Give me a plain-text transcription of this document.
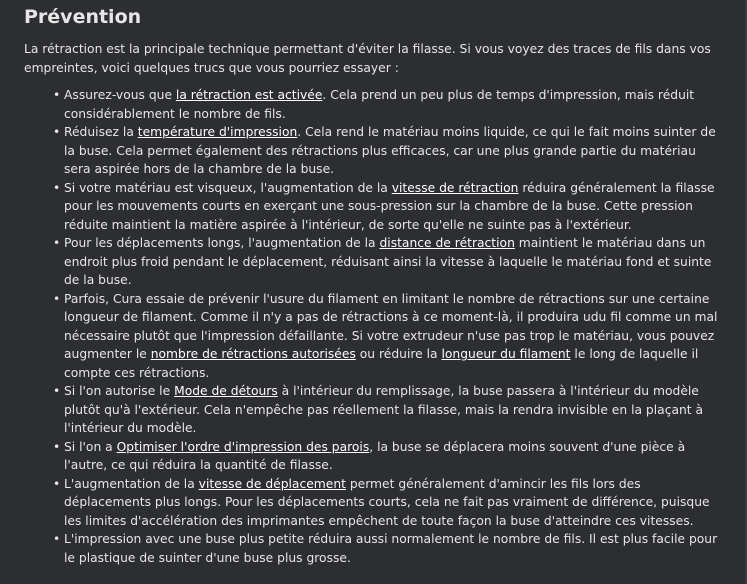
Prévention

La rétraction est la principale technique permettant d'éviter la filasse. Si vous voyez des traces de fils dans vos empreintes, voici quelques trucs que vous pourriez essayer :

• Assurez-vous que la rétraction est activée. Cela prend un peu plus de temps d'impression, mais réduit considérablement le nombre de fils.
• Réduisez la température d'impression. Cela rend le matériau moins liquide, ce qui le fait moins suinter de la buse. Cela permet également des rétractions plus efficaces, car une plus grande partie du matériau sera aspirée hors de la chambre de la buse.
• Si votre matériau est visqueux, l'augmentation de la vitesse de rétraction réduira généralement la filasse pour les mouvements courts en exerçant une sous-pression sur la chambre de la buse. Cette pression réduite maintient la matière aspirée à l'intérieur, de sorte qu'elle ne suinte pas à l'extérieur.
• Pour les déplacements longs, l'augmentation de la distance de rétraction maintient le matériau dans un endroit plus froid pendant le déplacement, réduisant ainsi la vitesse à laquelle le matériau fond et suinte de la buse.
• Parfois, Cura essaie de prévenir l'usure du filament en limitant le nombre de rétractions sur une certaine longueur de filament. Comme il n'y a pas de rétractions à ce moment-là, il produira udu fil comme un mal nécessaire plutôt que l'impression défaillante. Si votre extrudeur n'use pas trop le matériau, vous pouvez augmenter le nombre de rétractions autorisées ou réduire la longueur du filament le long de laquelle il compte ces rétractions.
• Si l'on autorise le Mode de détours à l'intérieur du remplissage, la buse passera à l'intérieur du modèle plutôt qu'à l'extérieur. Cela n'empêche pas réellement la filasse, mais la rendra invisible en la plaçant à l'intérieur du modèle.
• Si l'on a Optimiser l'ordre d'impression des parois, la buse se déplacera moins souvent d'une pièce à l'autre, ce qui réduira la quantité de filasse.
• L'augmentation de la vitesse de déplacement permet généralement d'amincir les fils lors des déplacements plus longs. Pour les déplacements courts, cela ne fait pas vraiment de différence, puisque les limites d'accélération des imprimantes empêchent de toute façon la buse d'atteindre ces vitesses.
• L'impression avec une buse plus petite réduira aussi normalement le nombre de fils. Il est plus facile pour le plastique de suinter d'une buse plus grosse.
